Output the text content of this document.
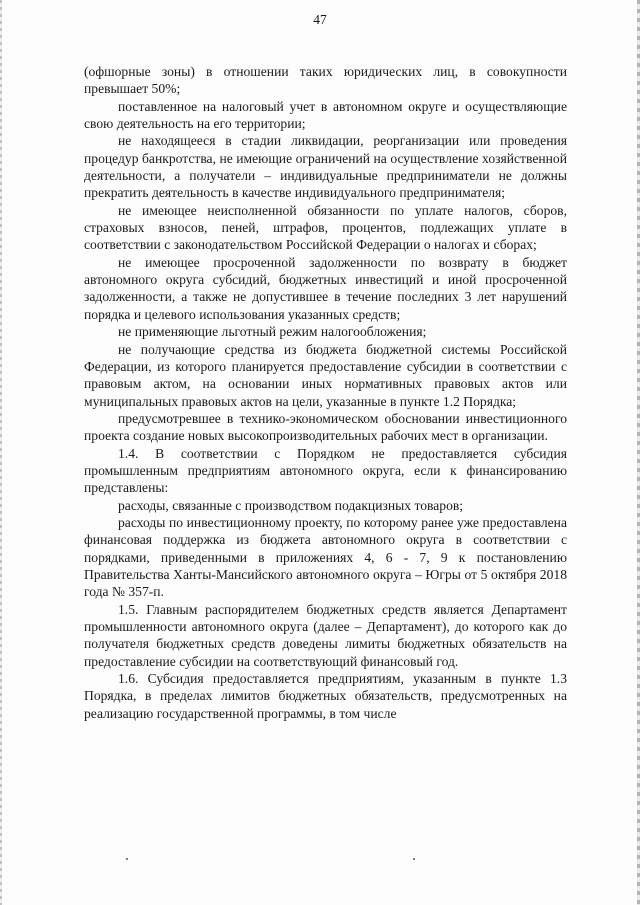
47

(офшорные зоны) в отношении таких юридических лиц, в совокупности превышает 50%;

поставленное на налоговый учет в автономном округе и осуществляющие свою деятельность на его территории;

не находящееся в стадии ликвидации, реорганизации или проведения процедур банкротства, не имеющие ограничений на осуществление хозяйственной деятельности, а получатели – индивидуальные предприниматели не должны прекратить деятельность в качестве индивидуального предпринимателя;

не имеющее неисполненной обязанности по уплате налогов, сборов, страховых взносов, пеней, штрафов, процентов, подлежащих уплате в соответствии с законодательством Российской Федерации о налогах и сборах;

не имеющее просроченной задолженности по возврату в бюджет автономного округа субсидий, бюджетных инвестиций и иной просроченной задолженности, а также не допустившее в течение последних 3 лет нарушений порядка и целевого использования указанных средств;

не применяющие льготный режим налогообложения;

не получающие средства из бюджета бюджетной системы Российской Федерации, из которого планируется предоставление субсидии в соответствии с правовым актом, на основании иных нормативных правовых актов или муниципальных правовых актов на цели, указанные в пункте 1.2 Порядка;

предусмотревшее в технико-экономическом обосновании инвестиционного проекта создание новых высокопроизводительных рабочих мест в организации.

1.4. В соответствии с Порядком не предоставляется субсидия промышленным предприятиям автономного округа, если к финансированию представлены:

расходы, связанные с производством подакцизных товаров;

расходы по инвестиционному проекту, по которому ранее уже предоставлена финансовая поддержка из бюджета автономного округа в соответствии с порядками, приведенными в приложениях 4, 6 - 7, 9 к постановлению Правительства Ханты-Мансийского автономного округа – Югры от 5 октября 2018 года № 357-п.

1.5. Главным распорядителем бюджетных средств является Департамент промышленности автономного округа (далее – Департамент), до которого как до получателя бюджетных средств доведены лимиты бюджетных обязательств на предоставление субсидии на соответствующий финансовый год.

1.6. Субсидия предоставляется предприятиям, указанным в пункте 1.3 Порядка, в пределах лимитов бюджетных обязательств, предусмотренных на реализацию государственной программы, в том числе
